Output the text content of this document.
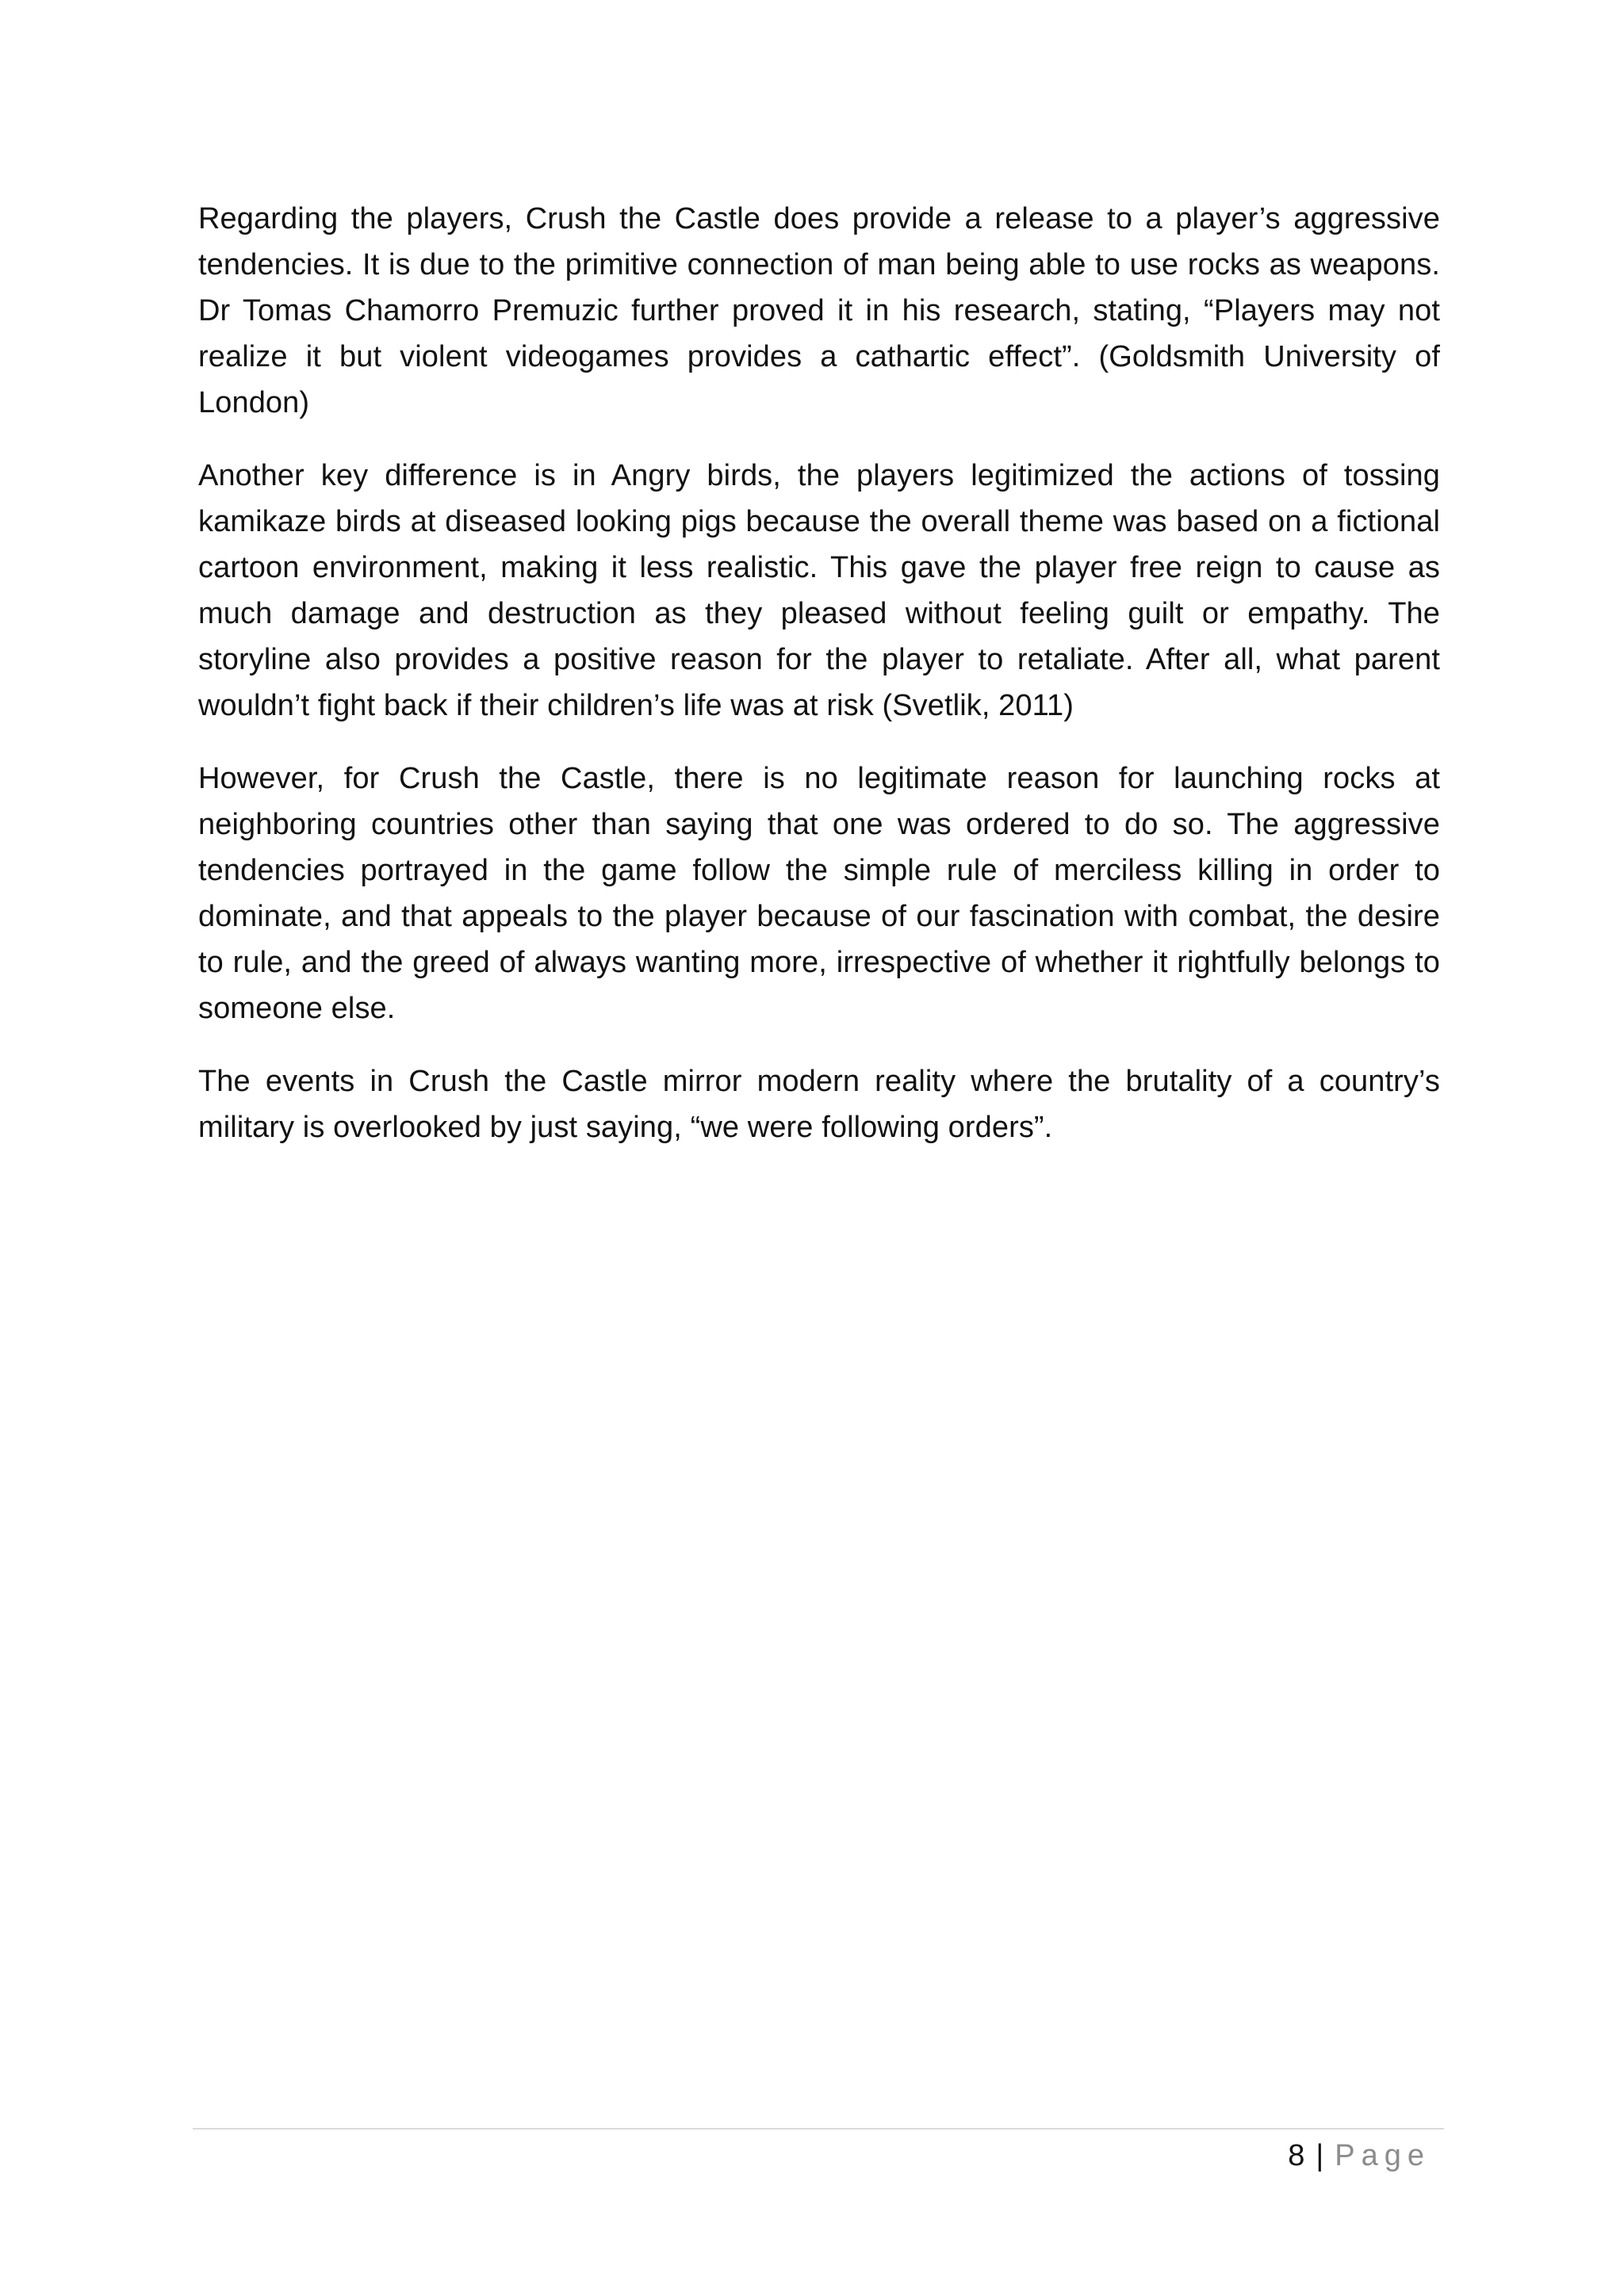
Regarding the players, Crush the Castle does provide a release to a player’s aggressive tendencies. It is due to the primitive connection of man being able to use rocks as weapons. Dr Tomas Chamorro Premuzic further proved it in his research, stating, “Players may not realize it but violent videogames provides a cathartic effect”. (Goldsmith University of London)

Another key difference is in Angry birds, the players legitimized the actions of tossing kamikaze birds at diseased looking pigs because the overall theme was based on a fictional cartoon environment, making it less realistic. This gave the player free reign to cause as much damage and destruction as they pleased without feeling guilt or empathy. The storyline also provides a positive reason for the player to retaliate. After all, what parent wouldn’t fight back if their children’s life was at risk (Svetlik, 2011)

However, for Crush the Castle, there is no legitimate reason for launching rocks at neighboring countries other than saying that one was ordered to do so. The aggressive tendencies portrayed in the game follow the simple rule of merciless killing in order to dominate, and that appeals to the player because of our fascination with combat, the desire to rule, and the greed of always wanting more, irrespective of whether it rightfully belongs to someone else.

The events in Crush the Castle mirror modern reality where the brutality of a country’s military is overlooked by just saying, “we were following orders”.

8 | Page
